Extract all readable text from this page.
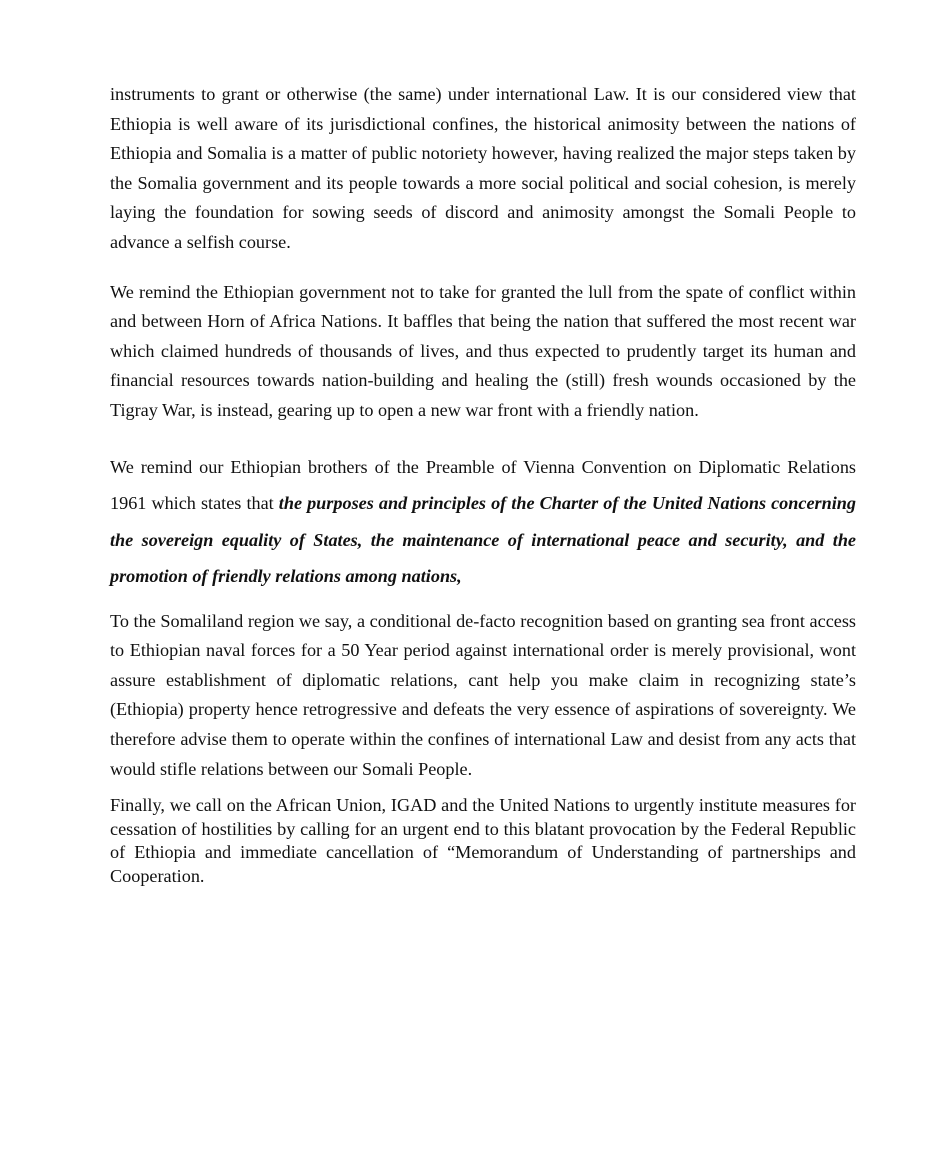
instruments to grant or otherwise (the same) under international Law. It is our considered view that Ethiopia is well aware of its jurisdictional confines, the historical animosity between the nations of Ethiopia and Somalia is a matter of public notoriety however, having realized the major steps taken by the Somalia government and its people towards a more social political and social cohesion, is merely laying the foundation for sowing seeds of discord and animosity amongst the Somali People to advance a selfish course.

We remind the Ethiopian government not to take for granted the lull from the spate of conflict within and between Horn of Africa Nations. It baffles that being the nation that suffered the most recent war which claimed hundreds of thousands of lives, and thus expected to prudently target its human and financial resources towards nation-building and healing the (still) fresh wounds occasioned by the Tigray War, is instead, gearing up to open a new war front with a friendly nation.

We remind our Ethiopian brothers of the Preamble of Vienna Convention on Diplomatic Relations 1961 which states that the purposes and principles of the Charter of the United Nations concerning the sovereign equality of States, the maintenance of international peace and security, and the promotion of friendly relations among nations,

To the Somaliland region we say, a conditional de-facto recognition based on granting sea front access to Ethiopian naval forces for a 50 Year period against international order is merely provisional, wont assure establishment of diplomatic relations, cant help you make claim in recognizing state’s (Ethiopia) property hence retrogressive and defeats the very essence of aspirations of sovereignty. We therefore advise them to operate within the confines of international Law and desist from any acts that would stifle relations between our Somali People.

Finally, we call on the African Union, IGAD and the United Nations to urgently institute measures for cessation of hostilities by calling for an urgent end to this blatant provocation by the Federal Republic of Ethiopia and immediate cancellation of “Memorandum of Understanding of partnerships and Cooperation.
